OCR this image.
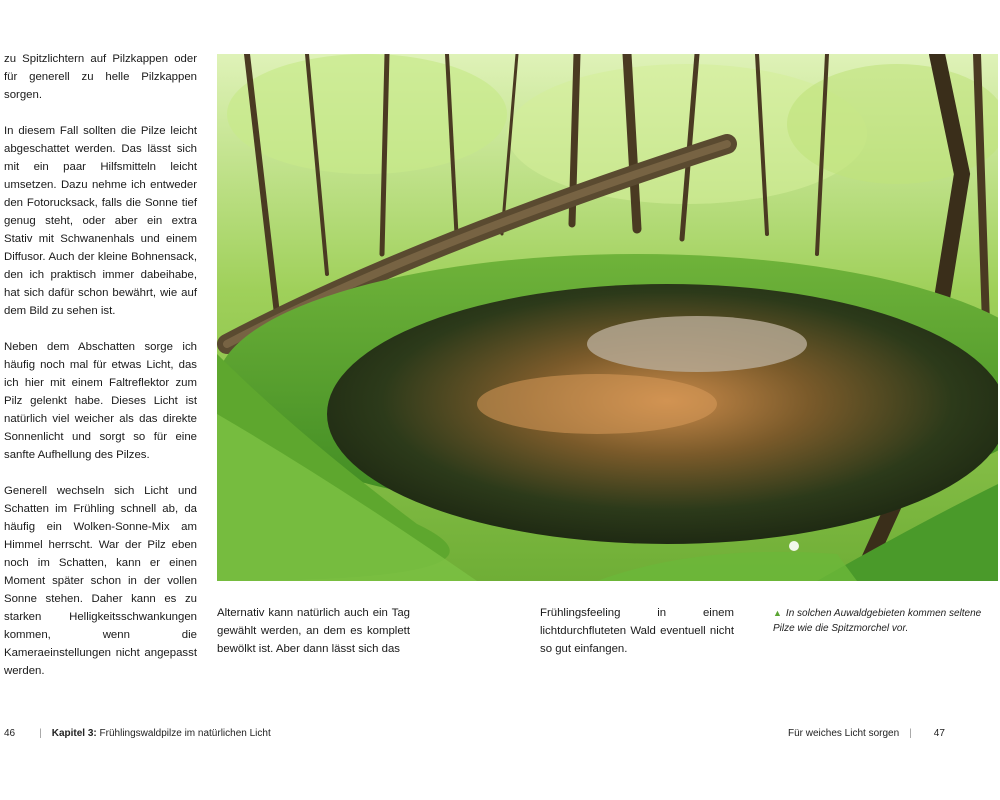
zu Spitzlichtern auf Pilzkappen oder für generell zu helle Pilzkappen sorgen.

In diesem Fall sollten die Pilze leicht abgeschattet werden. Das lässt sich mit ein paar Hilfsmitteln leicht umsetzen. Dazu nehme ich entweder den Fotorucksack, falls die Sonne tief genug steht, oder aber ein extra Stativ mit Schwanenhals und einem Diffusor. Auch der kleine Bohnensack, den ich praktisch immer dabeihabe, hat sich dafür schon bewährt, wie auf dem Bild zu sehen ist.

Neben dem Abschatten sorge ich häufig noch mal für etwas Licht, das ich hier mit einem Faltreflektor zum Pilz gelenkt habe. Dieses Licht ist natürlich viel weicher als das direkte Sonnenlicht und sorgt so für eine sanfte Aufhellung des Pilzes.

Generell wechseln sich Licht und Schatten im Frühling schnell ab, da häufig ein Wolken-Sonne-Mix am Himmel herrscht. War der Pilz eben noch im Schatten, kann er einen Moment später schon in der vollen Sonne stehen. Daher kann es zu starken Helligkeitsschwankungen kommen, wenn die Kameraeinstellungen nicht angepasst werden.

Alternativ kann natürlich auch ein Tag gewählt werden, an dem es komplett bewölkt ist. Aber dann lässt sich das

Frühlingsfeeling in einem lichtdurchfluteten Wald eventuell nicht so gut einfangen.

▲ In solchen Auwaldgebieten kommen seltene Pilze wie die Spitzmorchel vor.
46 | Kapitel 3: Frühlingswaldpilze im natürlichen Licht	Für weiches Licht sorgen | 47
